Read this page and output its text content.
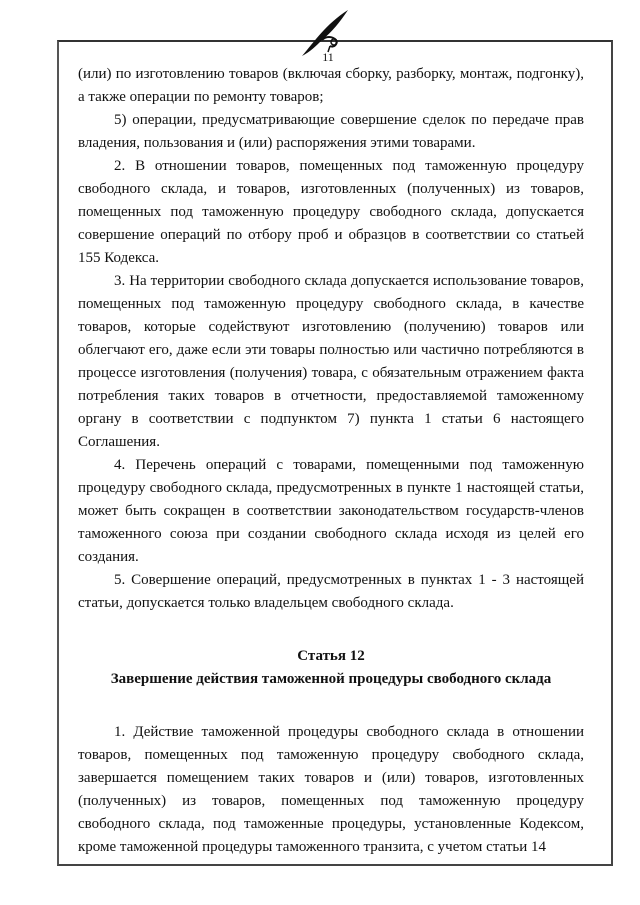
11

(или) по изготовлению товаров (включая сборку, разборку, монтаж, подгонку), а также операции по ремонту товаров;

5) операции, предусматривающие совершение сделок по передаче прав владения, пользования и (или) распоряжения этими товарами.

2. В отношении товаров, помещенных под таможенную процедуру свободного склада, и товаров, изготовленных (полученных) из товаров, помещенных под таможенную процедуру свободного склада, допускается совершение операций по отбору проб и образцов в соответствии со статьей 155 Кодекса.

3. На территории свободного склада допускается использование товаров, помещенных под таможенную процедуру свободного склада, в качестве товаров, которые содействуют изготовлению (получению) товаров или облегчают его, даже если эти товары полностью или частично потребляются в процессе изготовления (получения) товара, с обязательным отражением факта потребления таких товаров в отчетности, предоставляемой таможенному органу в соответствии с подпунктом 7) пункта 1 статьи 6 настоящего Соглашения.

4. Перечень операций с товарами, помещенными под таможенную процедуру свободного склада, предусмотренных в пункте 1 настоящей статьи, может быть сокращен в соответствии законодательством государств-членов таможенного союза при создании свободного склада исходя из целей его создания.

5. Совершение операций, предусмотренных в пунктах 1 - 3 настоящей статьи, допускается только владельцем свободного склада.

Статья 12
Завершение действия таможенной процедуры свободного склада

1. Действие таможенной процедуры свободного склада в отношении товаров, помещенных под таможенную процедуру свободного склада, завершается помещением таких товаров и (или) товаров, изготовленных (полученных) из товаров, помещенных под таможенную процедуру свободного склада, под таможенные процедуры, установленные Кодексом, кроме таможенной процедуры таможенного транзита, с учетом статьи 14
